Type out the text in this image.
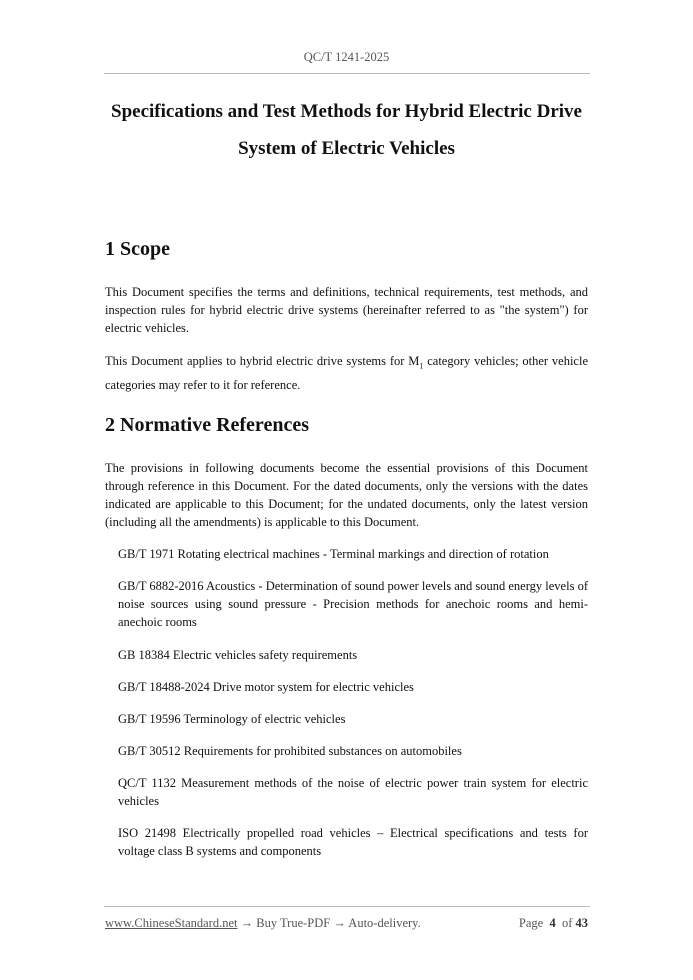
QC/T 1241-2025
Specifications and Test Methods for Hybrid Electric Drive
System of Electric Vehicles
1 Scope
This Document specifies the terms and definitions, technical requirements, test methods, and inspection rules for hybrid electric drive systems (hereinafter referred to as "the system") for electric vehicles.
This Document applies to hybrid electric drive systems for $M_1$ category vehicles; other vehicle categories may refer to it for reference.
2 Normative References
The provisions in following documents become the essential provisions of this Document through reference in this Document. For the dated documents, only the versions with the dates indicated are applicable to this Document; for the undated documents, only the latest version (including all the amendments) is applicable to this Document.
GB/T 1971 Rotating electrical machines - Terminal markings and direction of rotation
GB/T 6882-2016 Acoustics - Determination of sound power levels and sound energy levels of noise sources using sound pressure - Precision methods for anechoic rooms and hemi-anechoic rooms
GB 18384 Electric vehicles safety requirements
GB/T 18488-2024 Drive motor system for electric vehicles
GB/T 19596 Terminology of electric vehicles
GB/T 30512 Requirements for prohibited substances on automobiles
QC/T 1132 Measurement methods of the noise of electric power train system for electric vehicles
ISO 21498 Electrically propelled road vehicles – Electrical specifications and tests for voltage class B systems and components
www.ChineseStandard.net → Buy True-PDF → Auto-delivery.	Page 4 of 43
